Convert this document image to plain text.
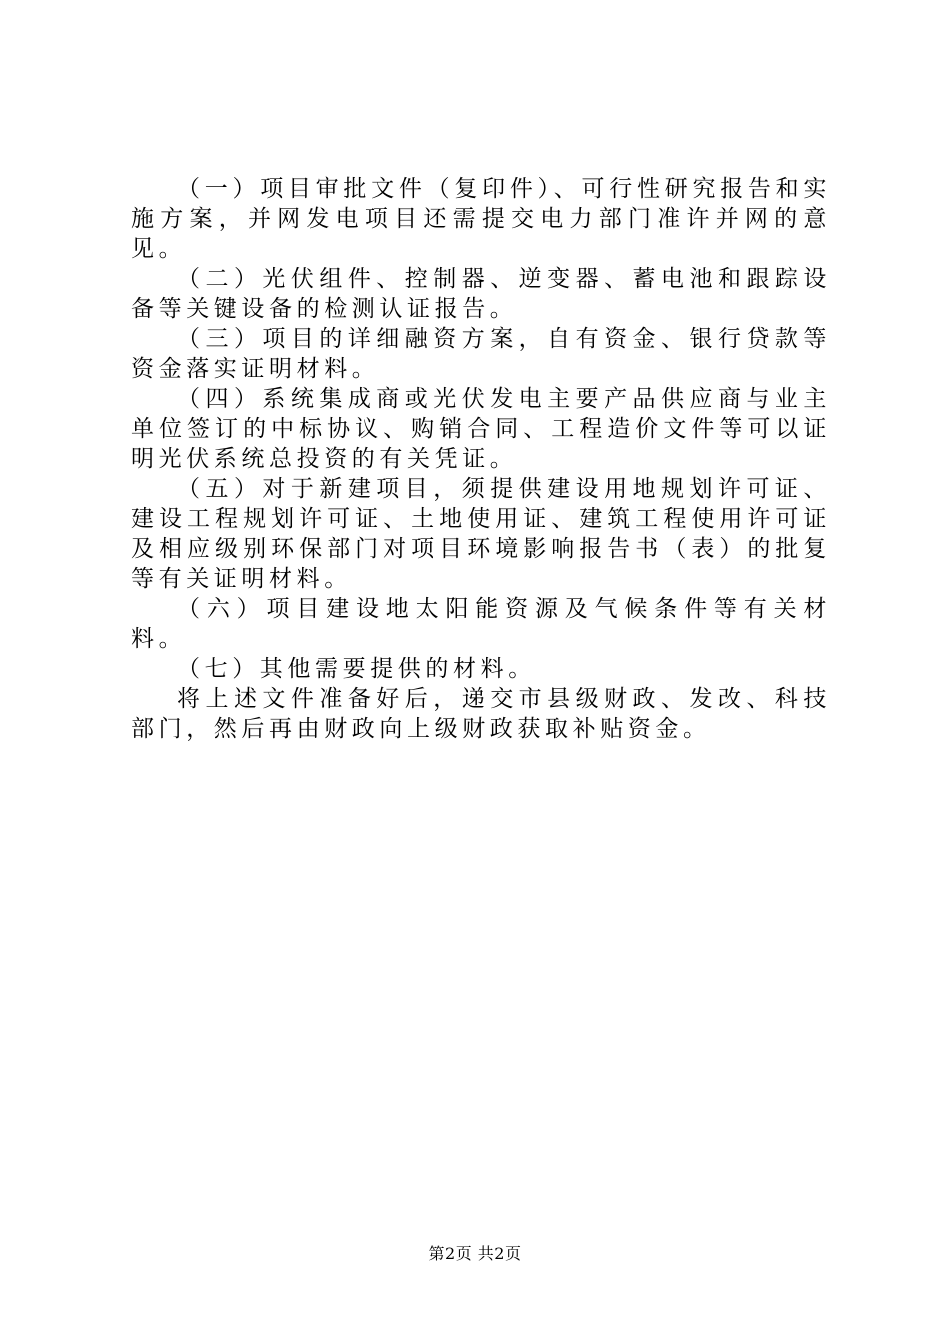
（一）项目审批文件（复印件）、可行性研究报告和实施方案，并网发电项目还需提交电力部门准许并网的意见。

（二）光伏组件、控制器、逆变器、蓄电池和跟踪设备等关键设备的检测认证报告。

（三）项目的详细融资方案，自有资金、银行贷款等资金落实证明材料。

（四）系统集成商或光伏发电主要产品供应商与业主单位签订的中标协议、购销合同、工程造价文件等可以证明光伏系统总投资的有关凭证。

（五）对于新建项目，须提供建设用地规划许可证、建设工程规划许可证、土地使用证、建筑工程使用许可证及相应级别环保部门对项目环境影响报告书（表）的批复等有关证明材料。

（六）项目建设地太阳能资源及气候条件等有关材料。

（七）其他需要提供的材料。

将上述文件准备好后，递交市县级财政、发改、科技部门，然后再由财政向上级财政获取补贴资金。

第2页 共2页
